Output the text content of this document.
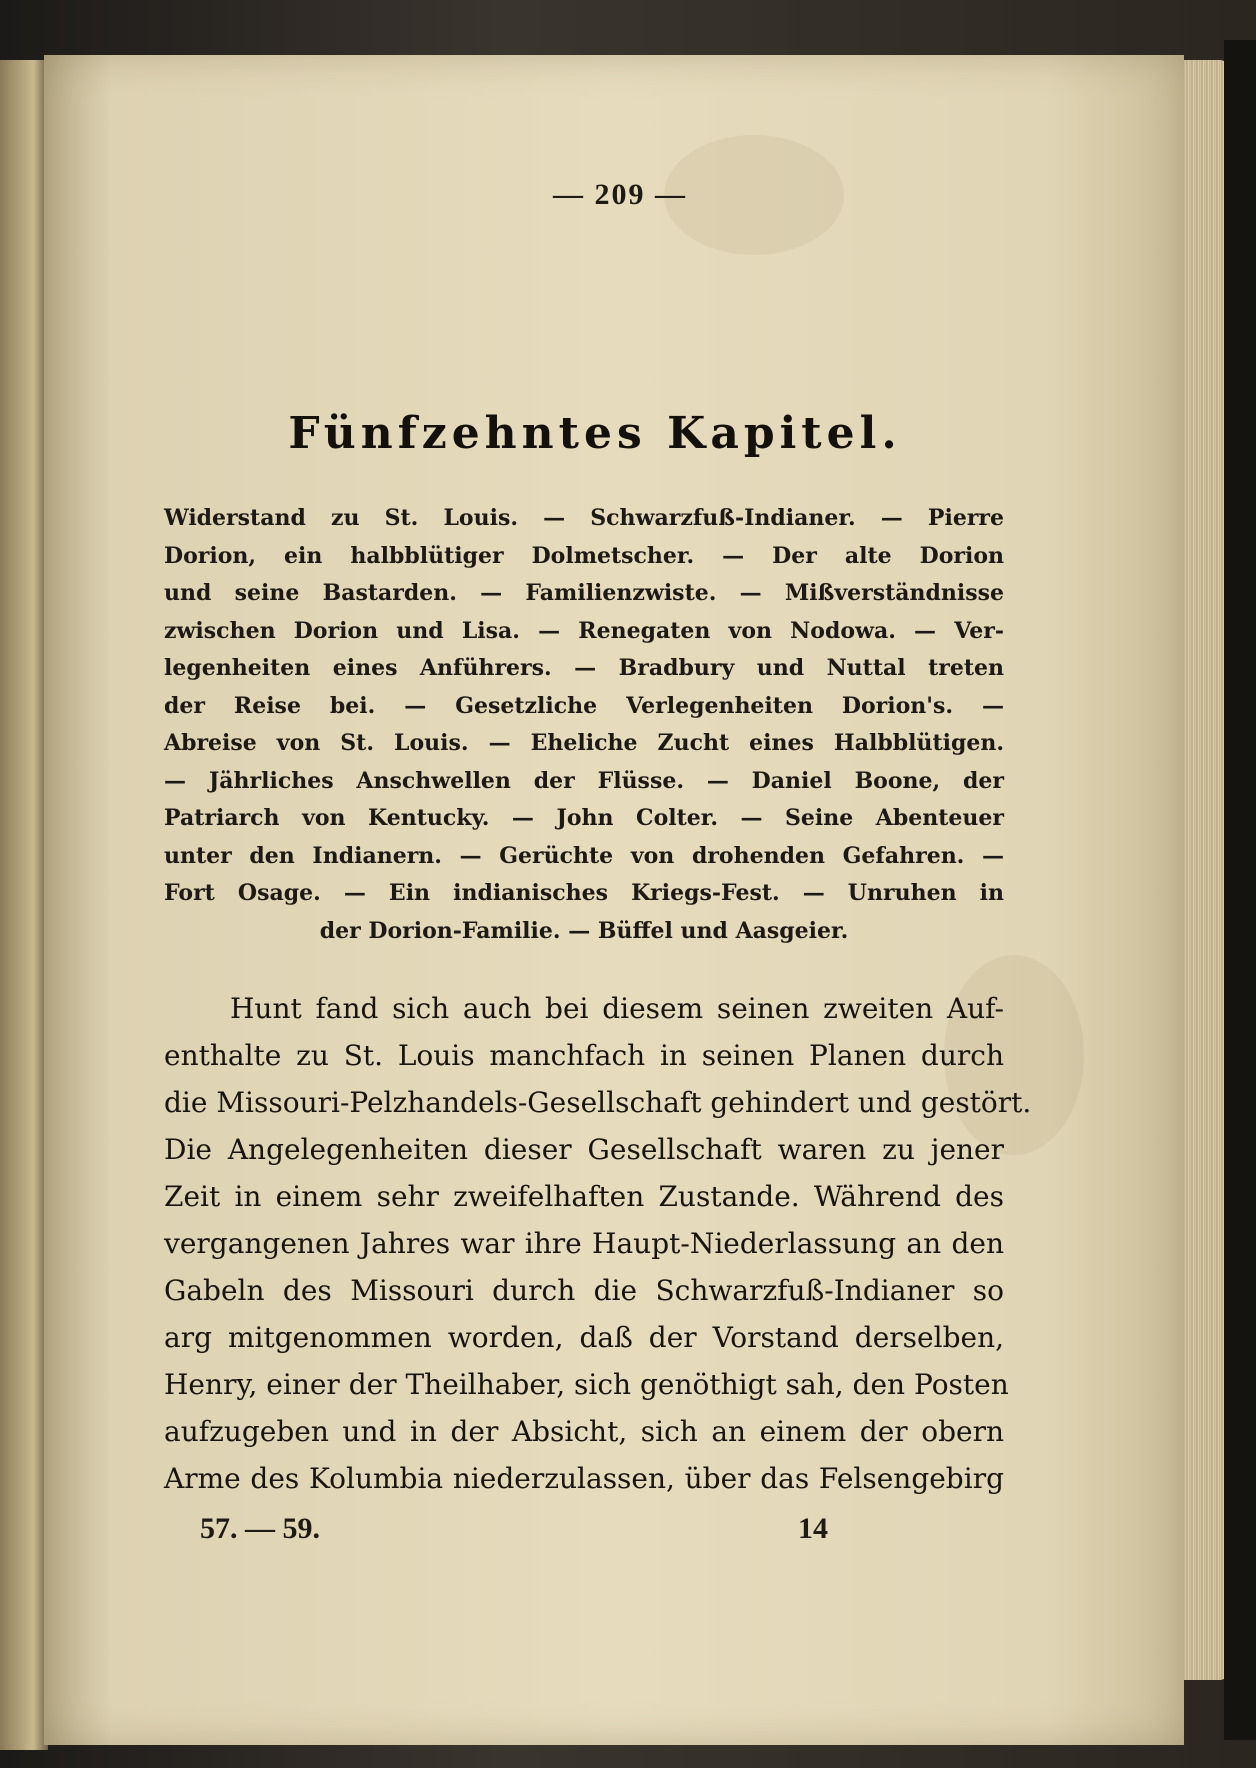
— 209 —
Fünfzehntes Kapitel.
Widerstand zu St. Louis. — Schwarzfuß-Indianer. — Pierre
Dorion, ein halbblütiger Dolmetscher. — Der alte Dorion
und seine Bastarden. — Familienzwiste. — Mißverständnisse
zwischen Dorion und Lisa. — Renegaten von Nodowa. — Ver-
legenheiten eines Anführers. — Bradbury und Nuttal treten
der Reise bei. — Gesetzliche Verlegenheiten Dorion's. —
Abreise von St. Louis. — Eheliche Zucht eines Halbblütigen.
— Jährliches Anschwellen der Flüsse. — Daniel Boone, der
Patriarch von Kentucky. — John Colter. — Seine Abenteuer
unter den Indianern. — Gerüchte von drohenden Gefahren. —
Fort Osage. — Ein indianisches Kriegs-Fest. — Unruhen in
der Dorion-Familie. — Büffel und Aasgeier.
Hunt fand sich auch bei diesem seinen zweiten Auf-
enthalte zu St. Louis manchfach in seinen Planen durch
die Missouri-Pelzhandels-Gesellschaft gehindert und gestört.
Die Angelegenheiten dieser Gesellschaft waren zu jener
Zeit in einem sehr zweifelhaften Zustande. Während des
vergangenen Jahres war ihre Haupt-Niederlassung an den
Gabeln des Missouri durch die Schwarzfuß-Indianer so
arg mitgenommen worden, daß der Vorstand derselben,
Henry, einer der Theilhaber, sich genöthigt sah, den Posten
aufzugeben und in der Absicht, sich an einem der obern
Arme des Kolumbia niederzulassen, über das Felsengebirg
57. — 59.	14
